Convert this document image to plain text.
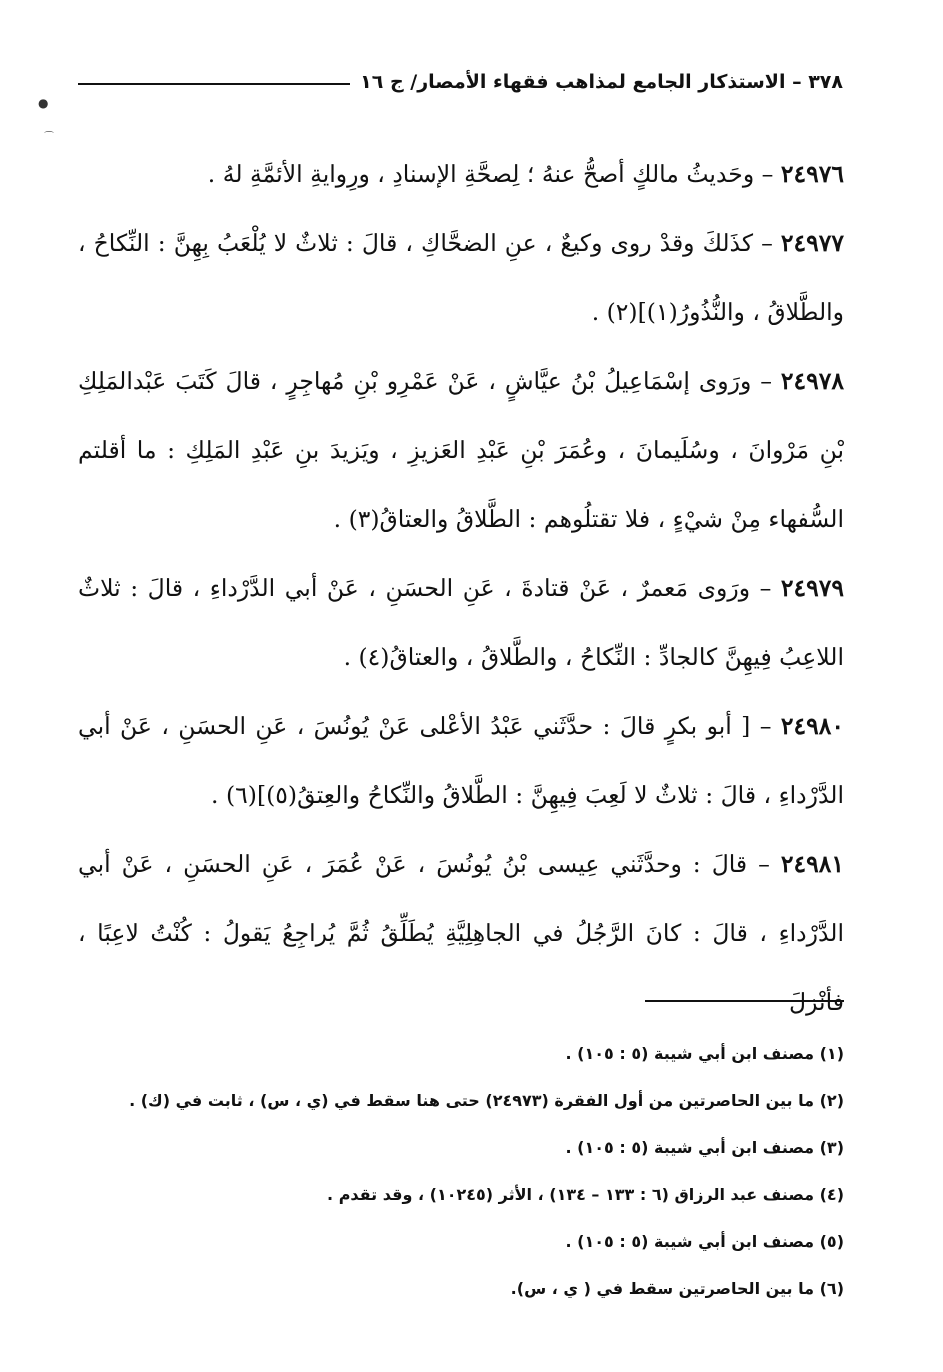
٣٧٨ – الاستذكار الجامع لمذاهب فقهاء الأمصار/ ج ١٦
●
⌒

٢٤٩٧٦ – وحَديثُ مالكٍ أصحُّ عنهُ ؛ لِصحَّةِ الإسنادِ ، ورِوايةِ الأئمَّةِ لهُ .

٢٤٩٧٧ – كذَلكَ وقدْ روى وكيعٌ ، عنِ الضحَّاكِ ، قالَ : ثلاثٌ لا يُلْعَبُ بِهِنَّ : النِّكاحُ ، والطَّلاقُ ، والنُّذُورُ(١)](٢) .

٢٤٩٧٨ – ورَوى إسْمَاعِيلُ بْنُ عيَّاشٍ ، عَنْ عَمْرِو بْنِ مُهاجِرٍ ، قالَ كَتَبَ عَبْدالمَلِكِ بْنِ مَرْوانَ ، وسُلَيمانَ ، وعُمَرَ بْنِ عَبْدِ العَزيزِ ، ويَزيدَ بنِ عَبْدِ المَلِكِ : ما أقلتم السُّفهاء مِنْ شيْءٍ ، فلا تقتلُوهم : الطَّلاقُ والعتاقُ(٣) .

٢٤٩٧٩ – ورَوى مَعمرٌ ، عَنْ قتادةَ ، عَنِ الحسَنِ ، عَنْ أبي الدَّرْداءِ ، قالَ : ثلاثٌ اللاعِبُ فِيهِنَّ كالجادِّ : النِّكاحُ ، والطَّلاقُ ، والعتاقُ(٤) .

٢٤٩٨٠ – [ أبو بكرٍ قالَ : حدَّثَني عَبْدُ الأعْلى عَنْ يُونُسَ ، عَنِ الحسَنِ ، عَنْ أبي الدَّرْداءِ ، قالَ : ثلاثٌ لا لَعِبَ فِيهِنَّ : الطَّلاقُ والنِّكاحُ والعِتقُ(٥)](٦) .

٢٤٩٨١ – قالَ : وحدَّثَني عِيسى بْنُ يُونُسَ ، عَنْ عُمَرَ ، عَنِ الحسَنِ ، عَنْ أبي الدَّرْداءِ ، قالَ : كانَ الرَّجُلُ في الجاهِلِيَّةِ يُطَلِّقُ ثُمَّ يُراجِعُ يَقولُ : كُنْتُ لاعِبًا ، فأنْزلَ

(١) مصنف ابن أبي شيبة (٥ : ١٠٥) .

(٢) ما بين الحاصرتين من أول الفقرة (٢٤٩٧٣) حتى هنا سقط في (ي ، س) ، ثابت في (ك) .

(٣) مصنف ابن أبي شيبة (٥ : ١٠٥) .

(٤) مصنف عبد الرزاق (٦ : ١٣٣ – ١٣٤) ، الأثر (١٠٢٤٥) ، وقد تقدم .

(٥) مصنف ابن أبي شيبة (٥ : ١٠٥) .

(٦) ما بين الحاصرتين سقط في ( ي ، س).
